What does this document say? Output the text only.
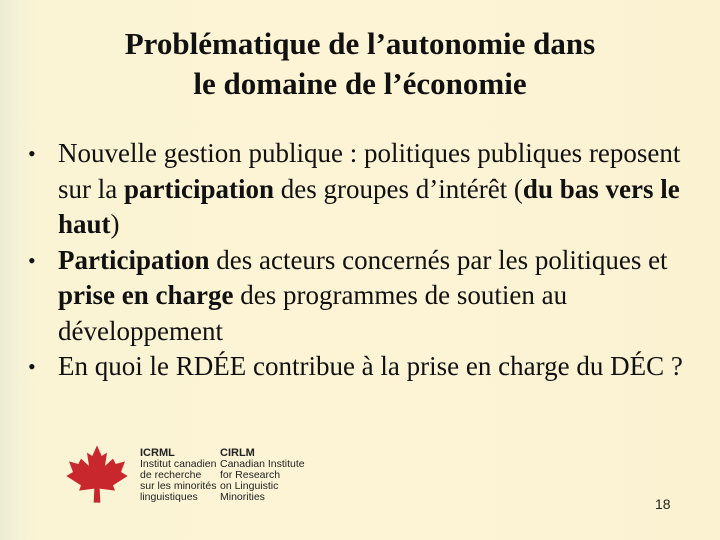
Problématique de l’autonomie dans
le domaine de l’économie
• Nouvelle gestion publique : politiques publiques reposent sur la participation des groupes d’intérêt (du bas vers le haut)
• Participation des acteurs concernés par les politiques et prise en charge des programmes de soutien au développement
• En quoi le RDÉE contribue à la prise en charge du DÉC ?
ICRML
Institut canadien
de recherche
sur les minorités
linguistiques
CIRLM
Canadian Institute
for Research
on Linguistic
Minorities	18
